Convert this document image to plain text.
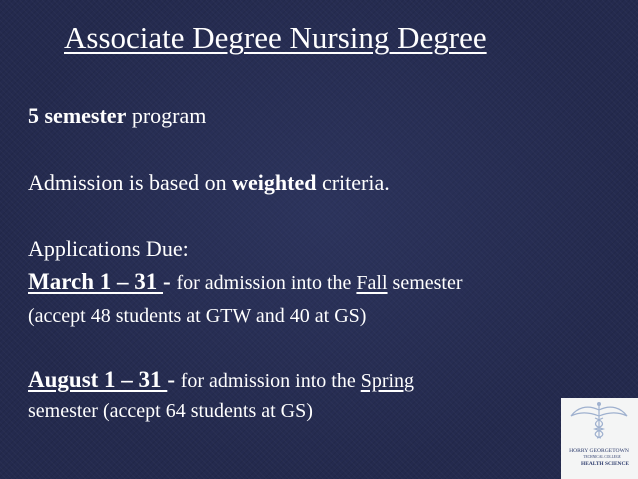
Associate Degree Nursing Degree
5 semester program
Admission is based on weighted criteria.
Applications Due:
March 1 – 31 - for admission into the Fall semester
(accept 48 students at GTW and 40 at GS)
August 1 – 31 - for admission into the Spring
semester (accept 64 students at GS)
HORRY GEORGETOWN
TECHNICAL COLLEGE
HEALTH SCIENCE
